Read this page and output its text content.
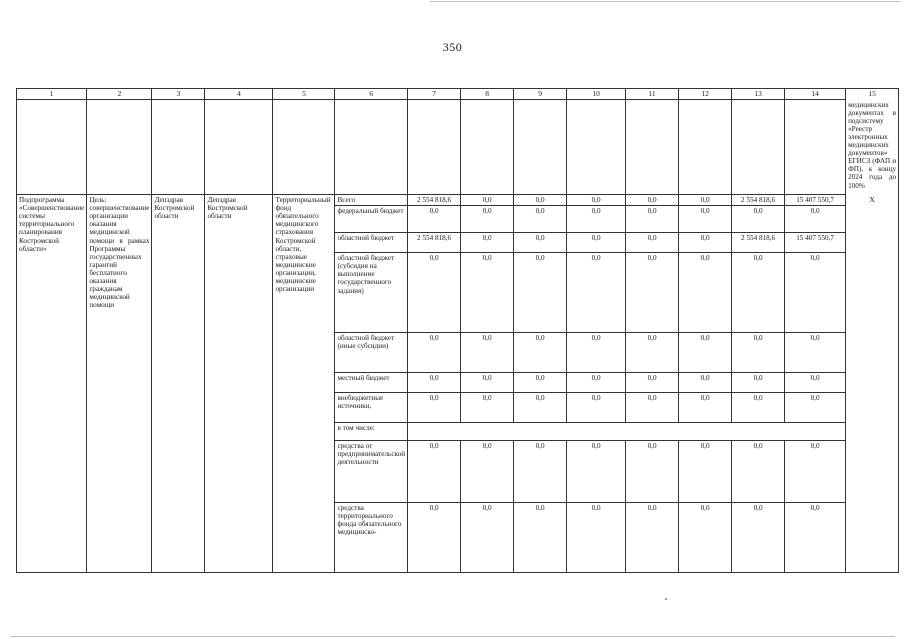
350
1	2	3	4	5	6	7	8	9	10	11	12	13	14	15
														медицинских документах в подсистему «Реестр электронных медицинских документов» ЕГИСЗ (ФАП и ФП), к концу 2024 года до 100%
Подпрограмма «Совершенствование системы территориального планирования Костромской области»	Цель: совершенствование организации оказания медицинской помощи в рамках Программы государственных гарантий бесплатного оказания гражданам медицинской помощи	Депздрав Костромской области	Депздрав Костромской области	Территориальный фонд обязательного медицинского страхования Костромской области, страховые медицинские организации, медицинские организации	Всего	2 554 818,6	0,0	0,0	0,0	0,0	0,0	2 554 818,6	15 407 550,7	X
					федеральный бюджет	0,0	0,0	0,0	0,0	0,0	0,0	0,0	0,0	
					областной бюджет	2 554 818,6	0,0	0,0	0,0	0,0	0,0	2 554 818,6	15 407 550,7	
					областной бюджет (субсидия на выполнение государственного задания)	0,0	0,0	0,0	0,0	0,0	0,0	0,0	0,0	
					областной бюджет (иные субсидии)	0,0	0,0	0,0	0,0	0,0	0,0	0,0	0,0	
					местный бюджет	0,0	0,0	0,0	0,0	0,0	0,0	0,0	0,0	
					внебюджетные источники,	0,0	0,0	0,0	0,0	0,0	0,0	0,0	0,0	
					в том числе:									
					средства от предпринимательской деятельности	0,0	0,0	0,0	0,0	0,0	0,0	0,0	0,0	
					средства территориального фонда обязательного медицинско-	0,0	0,0	0,0	0,0	0,0	0,0	0,0	0,0	
